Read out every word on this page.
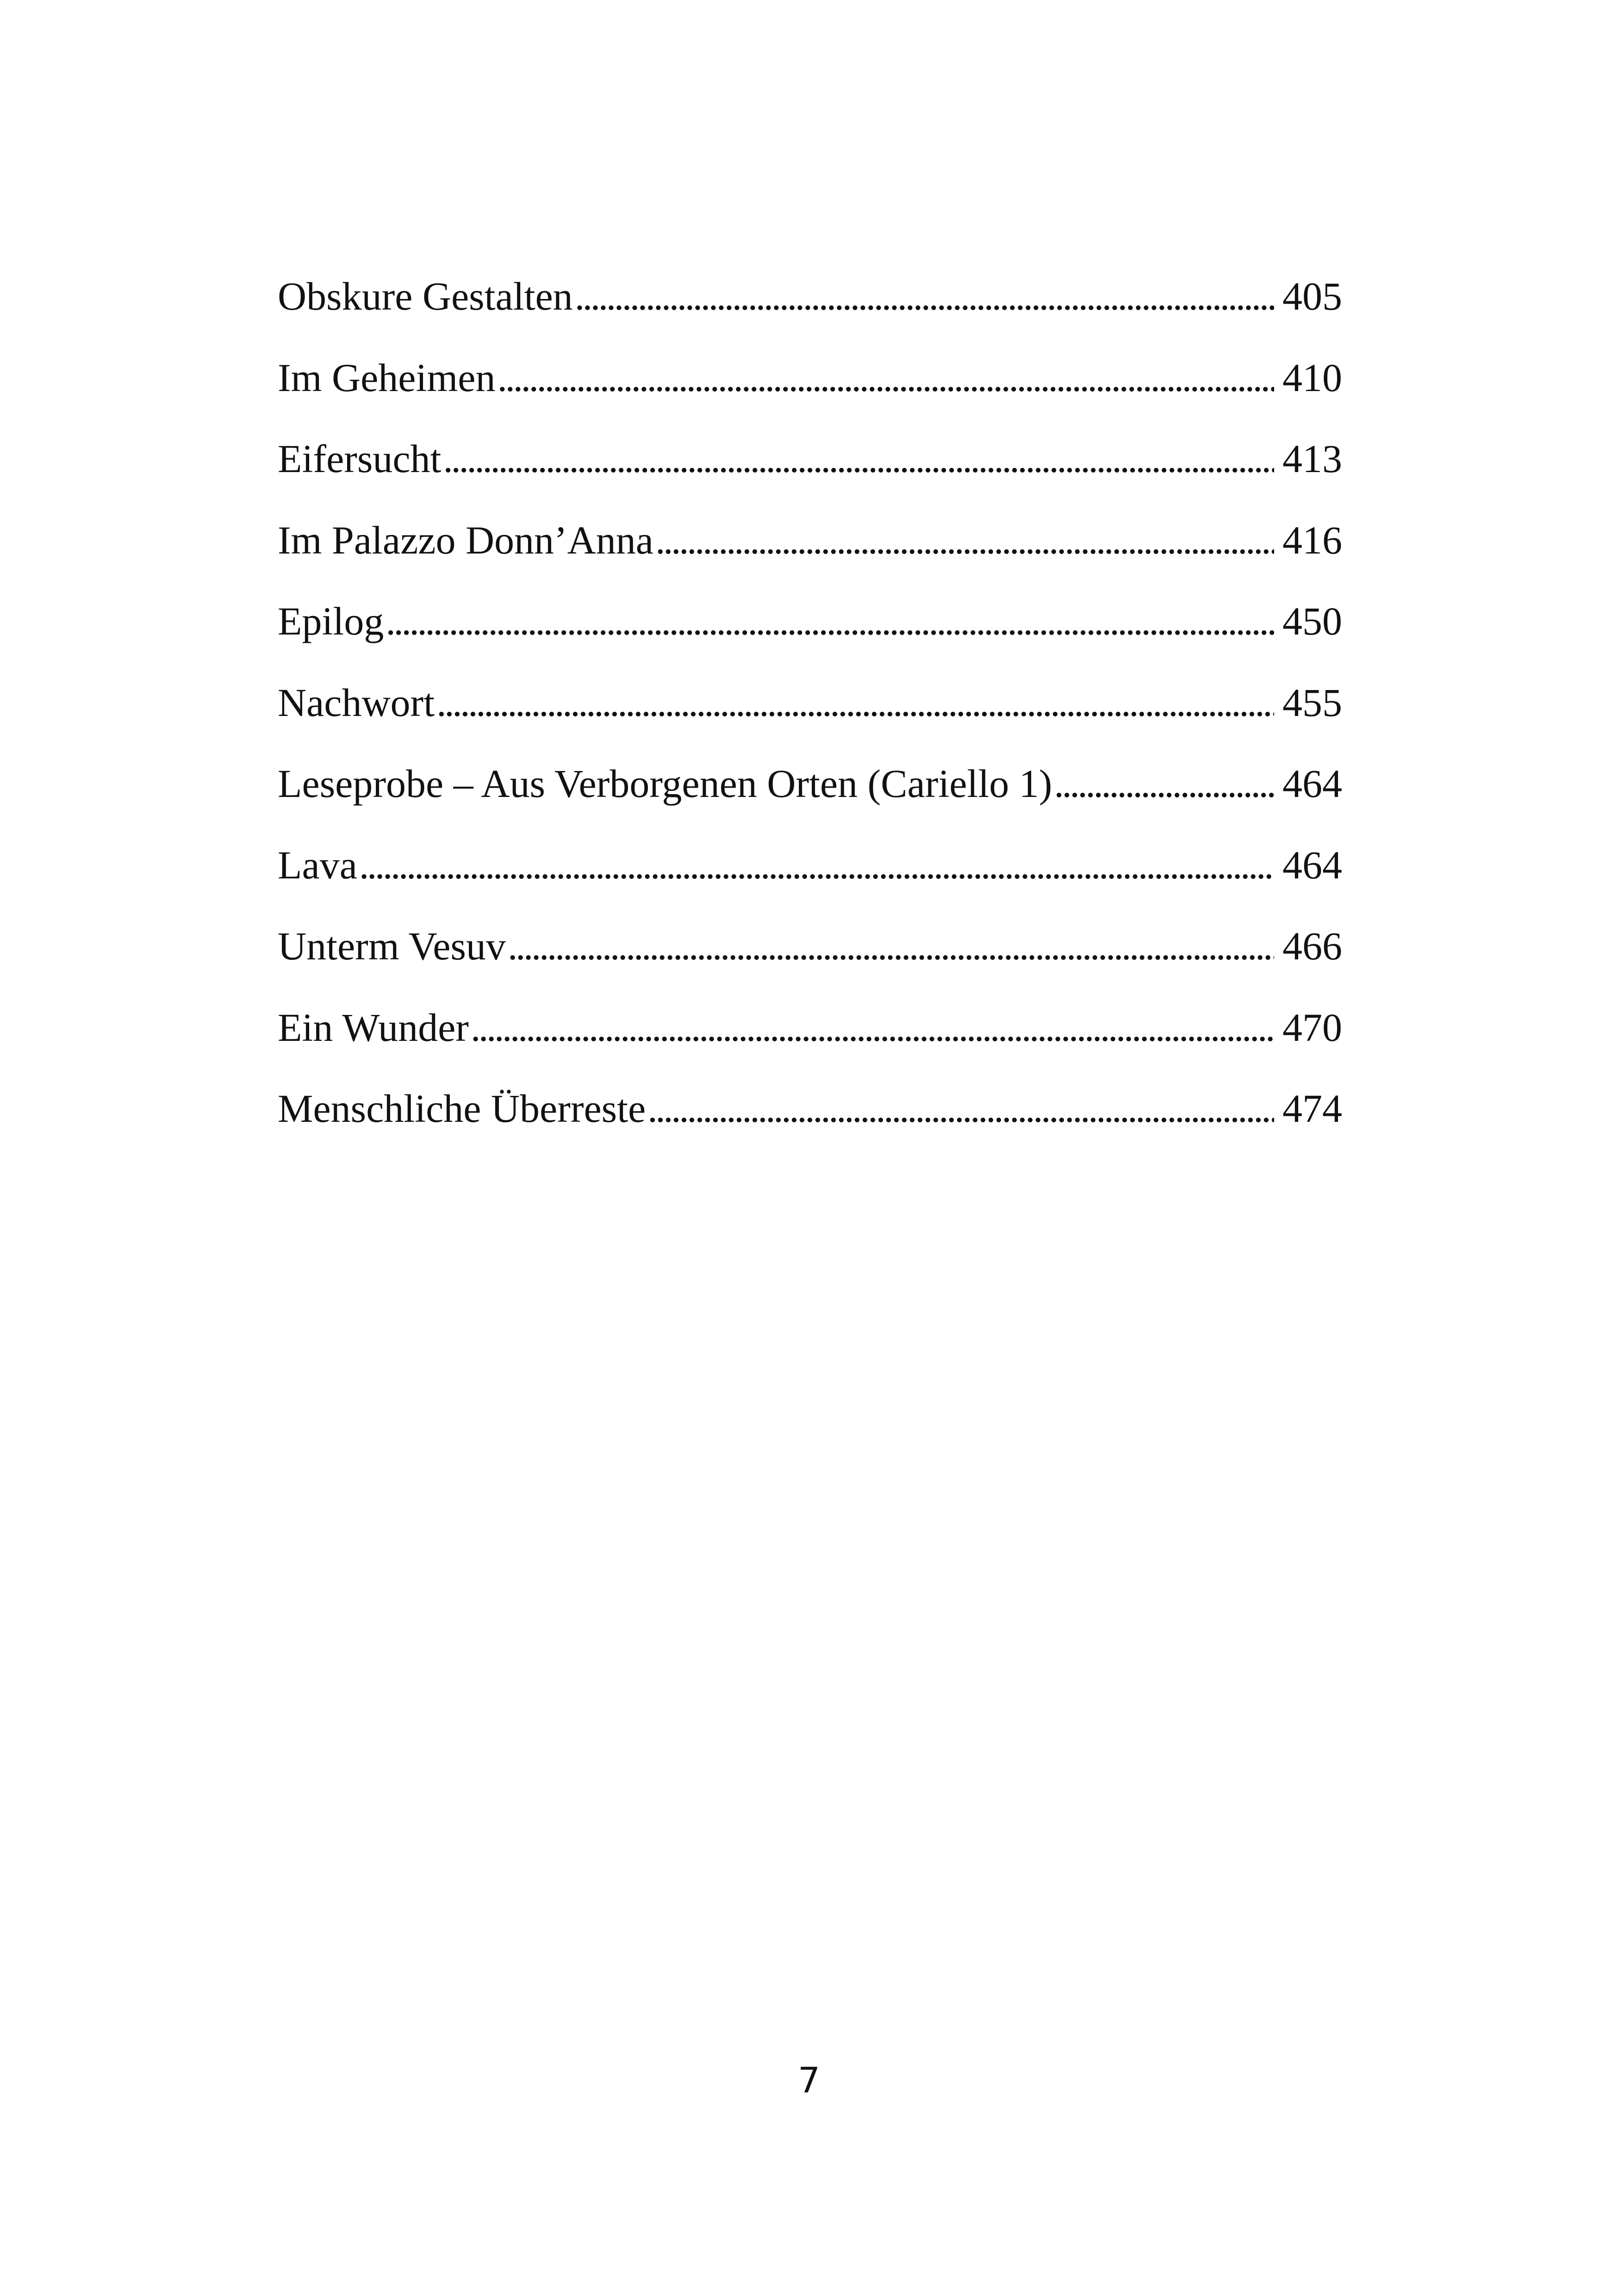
Obskure Gestalten . . .	405
Im Geheimen . . .	410
Eifersucht . . .	413
Im Palazzo Donn’Anna . . .	416
Epilog . . .	450
Nachwort . . .	455
Leseprobe – Aus Verborgenen Orten (Cariello 1) . . .	464
Lava . . .	464
Unterm Vesuv . . .	466
Ein Wunder . . .	470
Menschliche Überreste . . .	474
7
